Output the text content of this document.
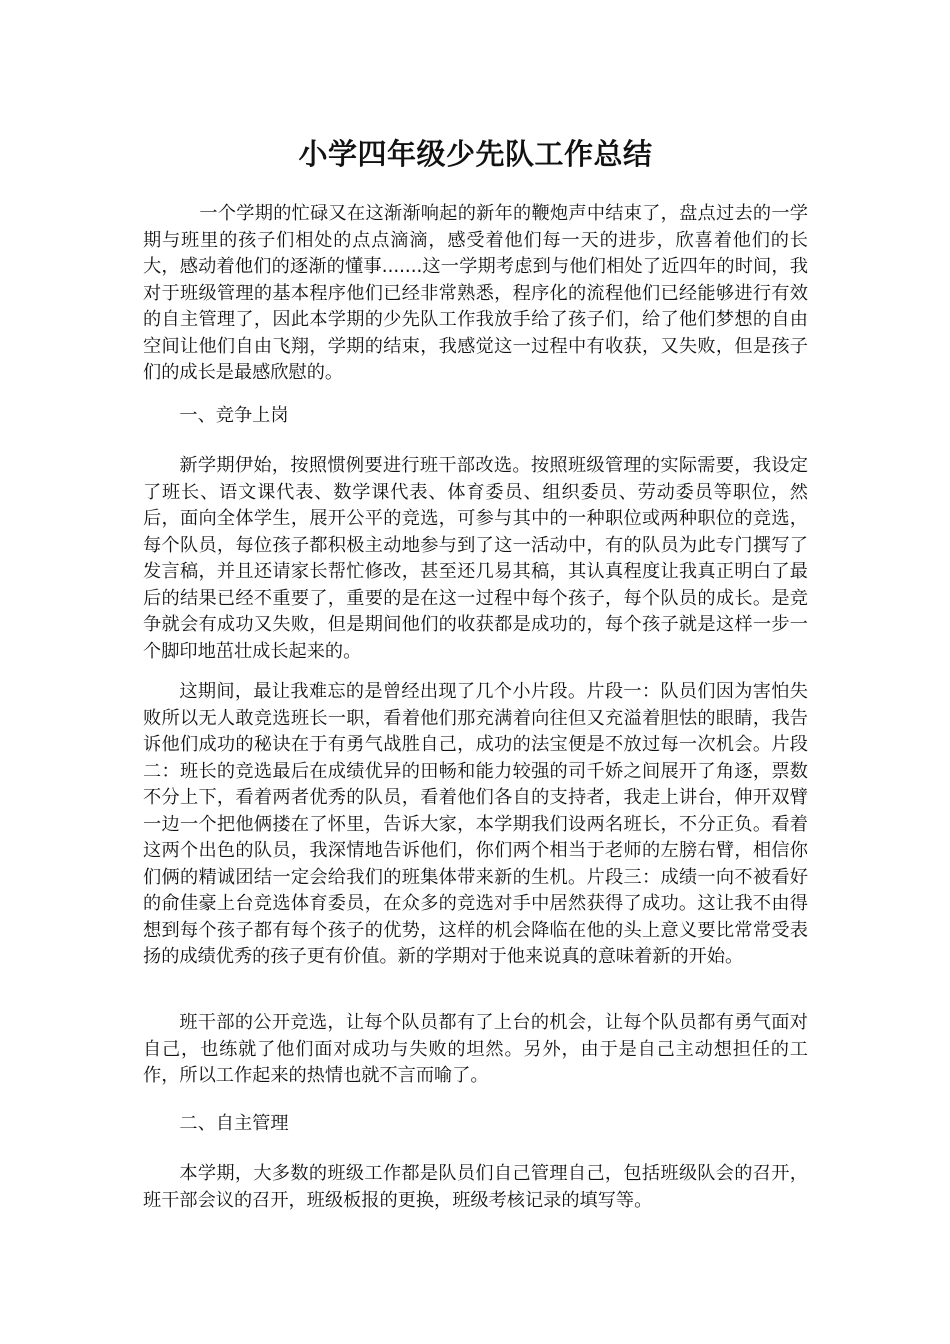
小学四年级少先队工作总结

一个学期的忙碌又在这渐渐响起的新年的鞭炮声中结束了，盘点过去的一学期与班里的孩子们相处的点点滴滴，感受着他们每一天的进步，欣喜着他们的长大，感动着他们的逐渐的懂事.......这一学期考虑到与他们相处了近四年的时间，我对于班级管理的基本程序他们已经非常熟悉，程序化的流程他们已经能够进行有效的自主管理了，因此本学期的少先队工作我放手给了孩子们，给了他们梦想的自由空间让他们自由飞翔，学期的结束，我感觉这一过程中有收获，又失败，但是孩子们的成长是最感欣慰的。

一、竞争上岗

新学期伊始，按照惯例要进行班干部改选。按照班级管理的实际需要，我设定了班长、语文课代表、数学课代表、体育委员、组织委员、劳动委员等职位，然后，面向全体学生，展开公平的竞选，可参与其中的一种职位或两种职位的竞选，每个队员，每位孩子都积极主动地参与到了这一活动中，有的队员为此专门撰写了发言稿，并且还请家长帮忙修改，甚至还几易其稿，其认真程度让我真正明白了最后的结果已经不重要了，重要的是在这一过程中每个孩子，每个队员的成长。是竞争就会有成功又失败，但是期间他们的收获都是成功的，每个孩子就是这样一步一个脚印地茁壮成长起来的。

这期间，最让我难忘的是曾经出现了几个小片段。片段一：队员们因为害怕失败所以无人敢竞选班长一职，看着他们那充满着向往但又充溢着胆怯的眼睛，我告诉他们成功的秘诀在于有勇气战胜自己，成功的法宝便是不放过每一次机会。片段二：班长的竞选最后在成绩优异的田畅和能力较强的司千娇之间展开了角逐，票数不分上下，看着两者优秀的队员，看着他们各自的支持者，我走上讲台，伸开双臂一边一个把他俩搂在了怀里，告诉大家，本学期我们设两名班长，不分正负。看着这两个出色的队员，我深情地告诉他们，你们两个相当于老师的左膀右臂，相信你们俩的精诚团结一定会给我们的班集体带来新的生机。片段三：成绩一向不被看好的俞佳豪上台竞选体育委员，在众多的竞选对手中居然获得了成功。这让我不由得想到每个孩子都有每个孩子的优势，这样的机会降临在他的头上意义要比常常受表扬的成绩优秀的孩子更有价值。新的学期对于他来说真的意味着新的开始。

班干部的公开竞选，让每个队员都有了上台的机会，让每个队员都有勇气面对自己，也练就了他们面对成功与失败的坦然。另外，由于是自己主动想担任的工作，所以工作起来的热情也就不言而喻了。

二、自主管理

本学期，大多数的班级工作都是队员们自己管理自己，包括班级队会的召开，班干部会议的召开，班级板报的更换，班级考核记录的填写等。
